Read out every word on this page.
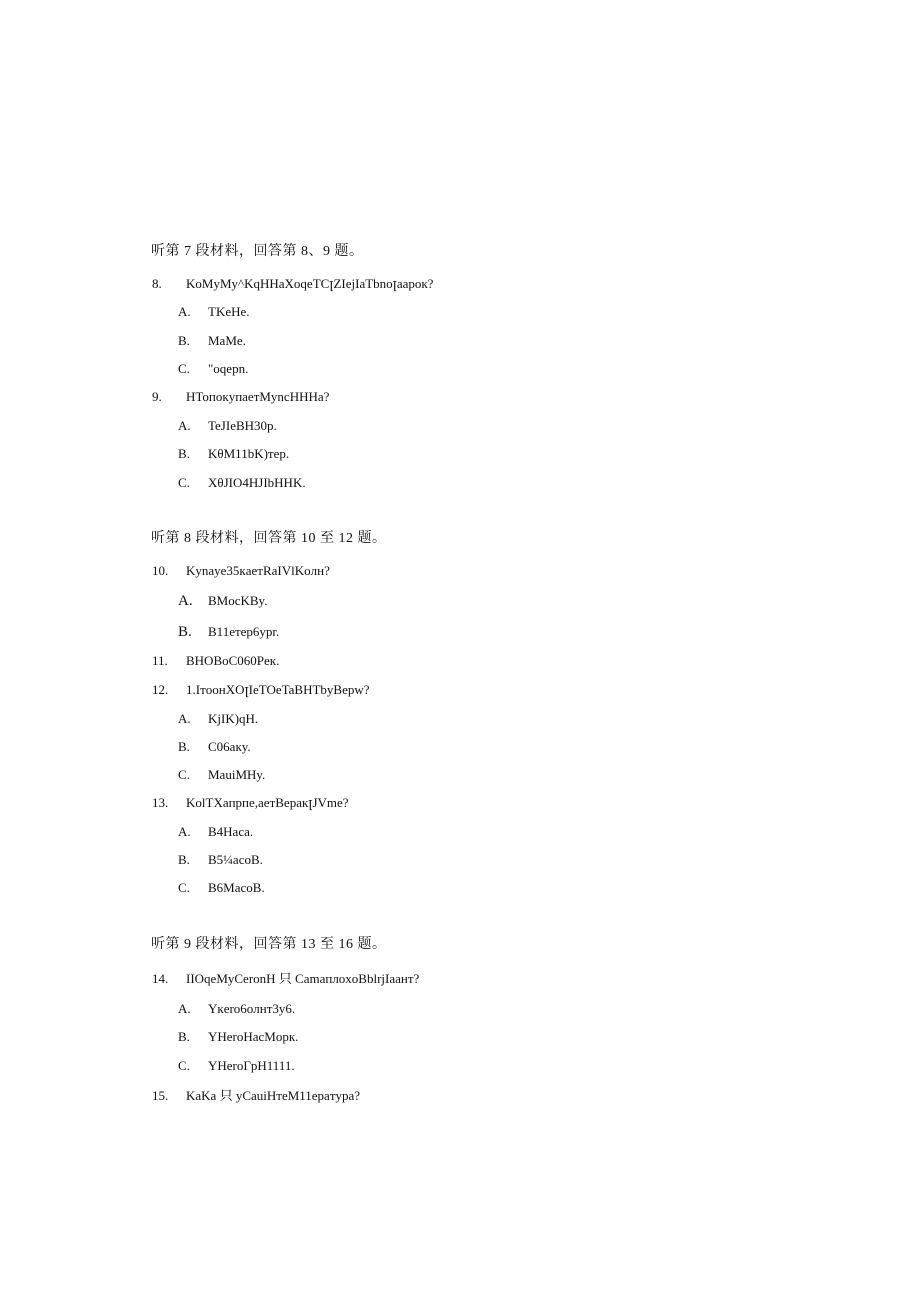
听第 7 段材料，回答第 8、9 题。
8. KoMyMy^KqHHaXoqeTCꞁZIejIaTbnoꞁaapoк?
A. TKeHe.
B. MaMe.
C. "oqepn.
9. HToпoкyпaeтMyncHHHa?
A. TeJIeBH30p.
B. KθM11bK)тep.
C. XθJIO4HJIbHHK.
听第 8 段材料，回答第 10 至 12 题。
10. Kynaye35кaeтRaIVlKoлн?
A. BMocKBy.
B. B11eтep6ypr.
11. BHOBoC060Peк.
12. 1.IтooнXOꞁIeTOeTaBHTbyBepw?
A. KjIK)qH.
B. C06aкy.
C. MauiMHy.
13. KolTXaпpпe,aeтBepaкꞁJVme?
A. B4Haca.
B. B5¼acoB.
C. B6MacoB.
听第 9 段材料，回答第 13 至 16 题。
14. IIOqeMyCeronH 只 CamaплoxoBblrjIaaнт?
A. Yкero6oлнт3y6.
B. YHeroHacMopк.
C. YHeroГpH1111.
15. KaKa 只 yCauiHтeM11epaтypa?
